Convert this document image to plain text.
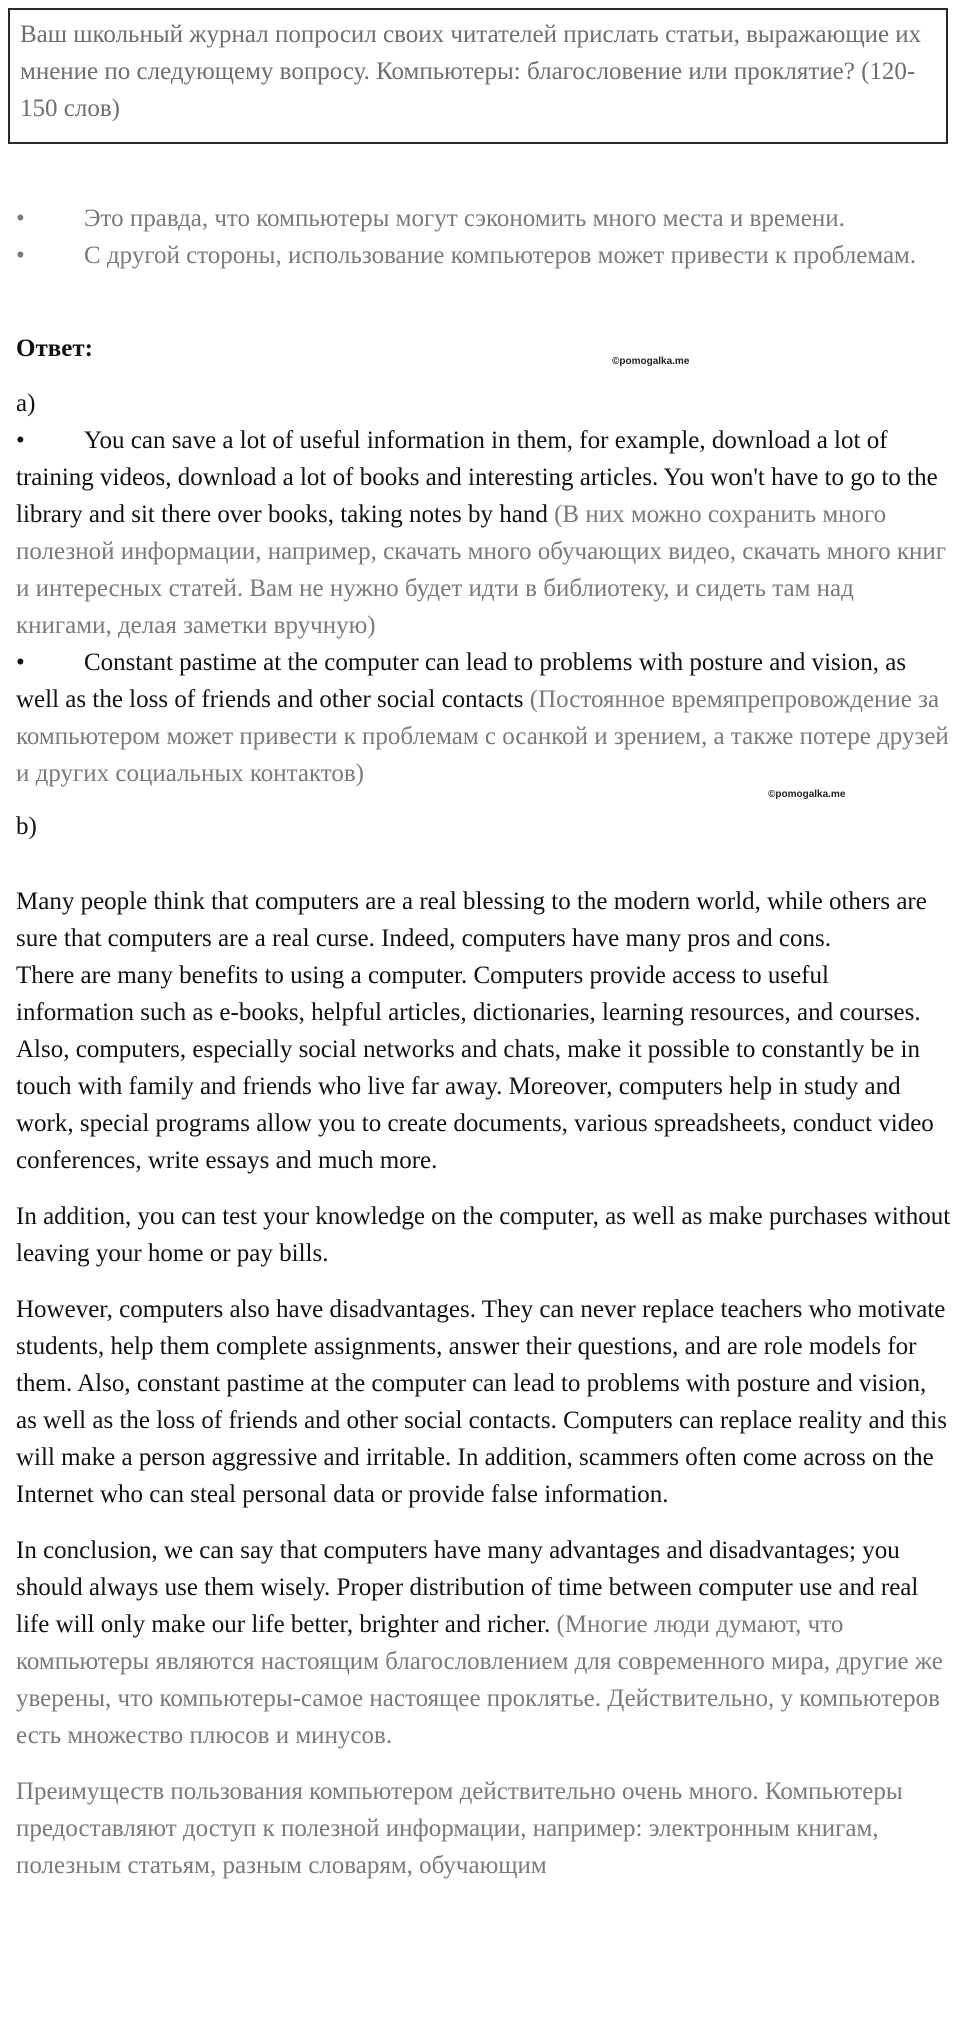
Ваш школьный журнал попросил своих читателей прислать статьи, выражающие их мнение по следующему вопросу. Компьютеры: благословение или проклятие? (120-150 слов)
• Это правда, что компьютеры могут сэкономить много места и времени.
• С другой стороны, использование компьютеров может привести к проблемам.
Ответ:	©pomogalka.me
а)
• You can save a lot of useful information in them, for example, download a lot of training videos, download a lot of books and interesting articles. You won't have to go to the library and sit there over books, taking notes by hand (В них можно сохранить много полезной информации, например, скачать много обучающих видео, скачать много книг и интересных статей. Вам не нужно будет идти в библиотеку, и сидеть там над книгами, делая заметки вручную)
• Constant pastime at the computer can lead to problems with posture and vision, as well as the loss of friends and other social contacts (Постоянное времяпрепровождение за компьютером может привести к проблемам с осанкой и зрением, а также потере друзей и других социальных контактов)
©pomogalka.me
b)

Many people think that computers are a real blessing to the modern world, while others are sure that computers are a real curse. Indeed, computers have many pros and cons.

There are many benefits to using a computer. Computers provide access to useful information such as e-books, helpful articles, dictionaries, learning resources, and courses. Also, computers, especially social networks and chats, make it possible to constantly be in touch with family and friends who live far away. Moreover, computers help in study and work, special programs allow you to create documents, various spreadsheets, conduct video conferences, write essays and much more.

In addition, you can test your knowledge on the computer, as well as make purchases without leaving your home or pay bills.

However, computers also have disadvantages. They can never replace teachers who motivate students, help them complete assignments, answer their questions, and are role models for them. Also, constant pastime at the computer can lead to problems with posture and vision, as well as the loss of friends and other social contacts. Computers can replace reality and this will make a person aggressive and irritable. In addition, scammers often come across on the Internet who can steal personal data or provide false information.

In conclusion, we can say that computers have many advantages and disadvantages; you should always use them wisely. Proper distribution of time between computer use and real life will only make our life better, brighter and richer. (Многие люди думают, что компьютеры являются настоящим благословлением для современного мира, другие же уверены, что компьютеры-самое настоящее проклятье. Действительно, у компьютеров есть множество плюсов и минусов.

Преимуществ пользования компьютером действительно очень много. Компьютеры предоставляют доступ к полезной информации, например: электронным книгам, полезным статьям, разным словарям, обучающим
